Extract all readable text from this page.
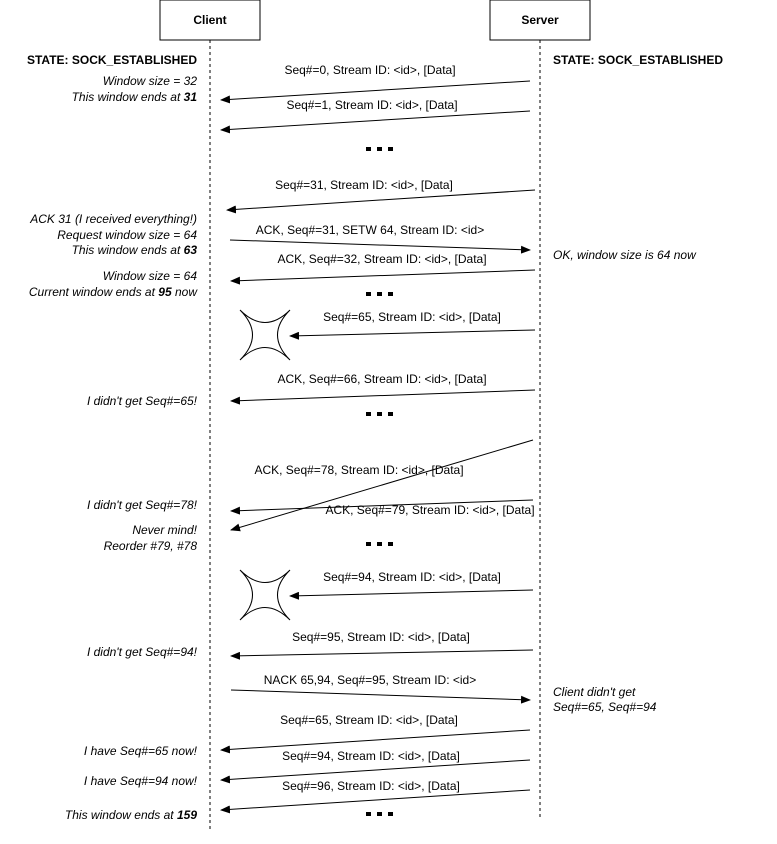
Client	Server
STATE: SOCK_ESTABLISHED	STATE: SOCK_ESTABLISHED
Seq#=0, Stream ID: <id>, [Data]
Seq#=1, Stream ID: <id>, [Data]
Seq#=31, Stream ID: <id>, [Data]
ACK, Seq#=31, SETW 64, Stream ID: <id>
ACK, Seq#=32, Stream ID: <id>, [Data]
Seq#=65, Stream ID: <id>, [Data]
ACK, Seq#=66, Stream ID: <id>, [Data]
ACK, Seq#=78, Stream ID: <id>, [Data]
ACK, Seq#=79, Stream ID: <id>, [Data]
Seq#=94, Stream ID: <id>, [Data]
Seq#=95, Stream ID: <id>, [Data]
NACK 65,94, Seq#=95, Stream ID: <id>
Seq#=65, Stream ID: <id>, [Data]
Seq#=94, Stream ID: <id>, [Data]
Seq#=96, Stream ID: <id>, [Data]
Window size = 32
This window ends at 31
ACK 31 (I received everything!)
Request window size = 64
This window ends at 63
Window size = 64
Current window ends at 95 now
I didn't get Seq#=65!
I didn't get Seq#=78!
Never mind!
Reorder #79, #78
I didn't get Seq#=94!
I have Seq#=65 now!
I have Seq#=94 now!
This window ends at 159
OK, window size is 64 now
Client didn't get
Seq#=65, Seq#=94
